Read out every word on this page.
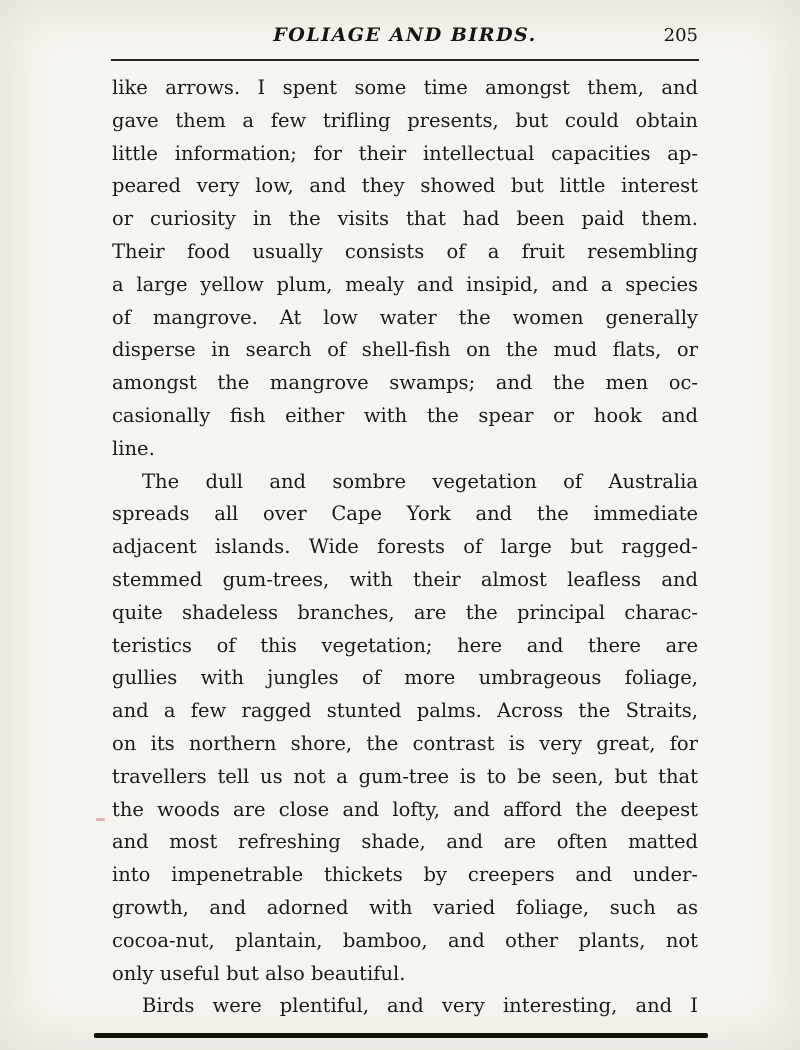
FOLIAGE AND BIRDS.	205
like arrows. I spent some time amongst them, and
gave them a few trifling presents, but could obtain
little information; for their intellectual capacities ap-
peared very low, and they showed but little interest
or curiosity in the visits that had been paid them.
Their food usually consists of a fruit resembling
a large yellow plum, mealy and insipid, and a species
of mangrove. At low water the women generally
disperse in search of shell-fish on the mud flats, or
amongst the mangrove swamps; and the men oc-
casionally fish either with the spear or hook and
line.
The dull and sombre vegetation of Australia
spreads all over Cape York and the immediate
adjacent islands. Wide forests of large but ragged-
stemmed gum-trees, with their almost leafless and
quite shadeless branches, are the principal charac-
teristics of this vegetation; here and there are
gullies with jungles of more umbrageous foliage,
and a few ragged stunted palms. Across the Straits,
on its northern shore, the contrast is very great, for
travellers tell us not a gum-tree is to be seen, but that
the woods are close and lofty, and afford the deepest
and most refreshing shade, and are often matted
into impenetrable thickets by creepers and under-
growth, and adorned with varied foliage, such as
cocoa-nut, plantain, bamboo, and other plants, not
only useful but also beautiful.
Birds were plentiful, and very interesting, and I
